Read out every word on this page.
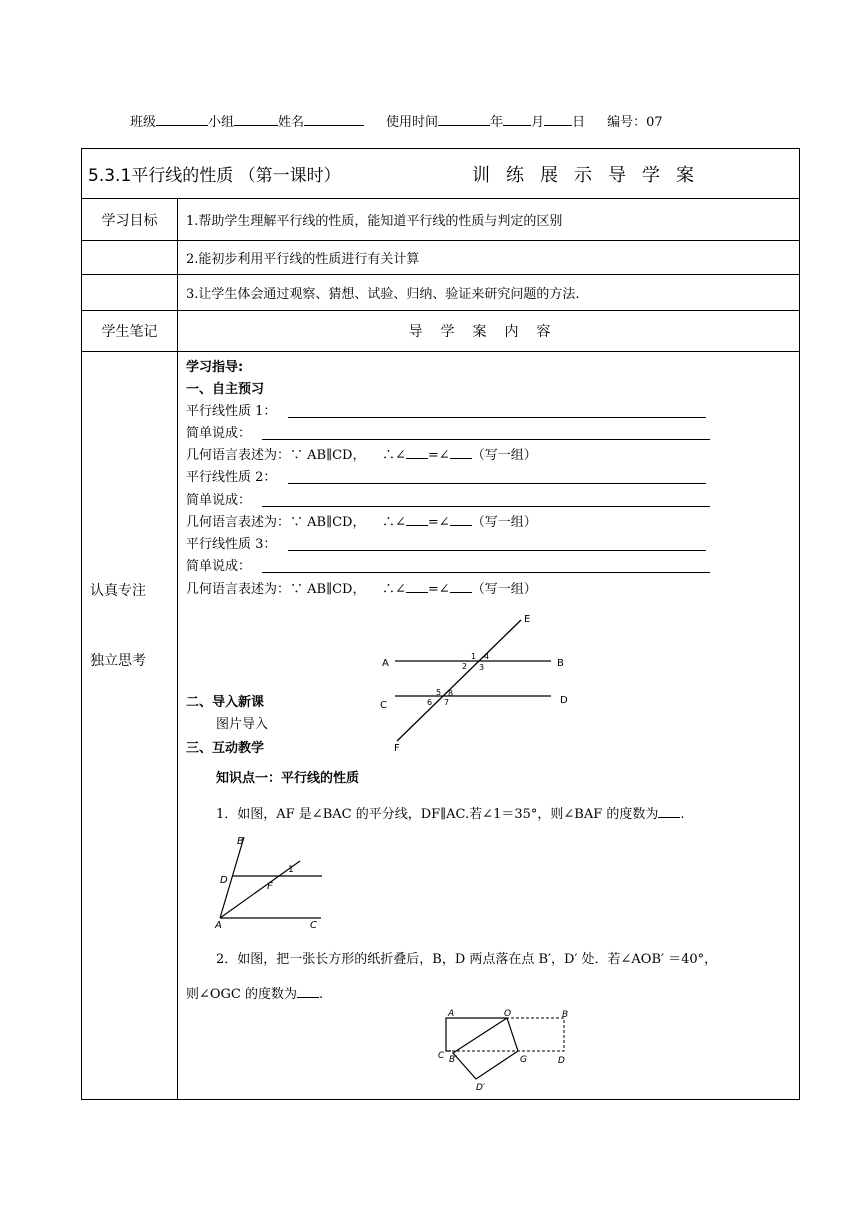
班级	小组	姓名	使用时间	年 月 日 编号：07
5.3.1平行线的性质 （第一课时）	训练展示导学案
学习目标	1.帮助学生理解平行线的性质，能知道平行线的性质与判定的区别
2.能初步利用平行线的性质进行有关计算
3.让学生体会通过观察、猜想、试验、归纳、验证来研究问题的方法.
学生笔记	导学案内容
认真专注
独立思考
学习指导:
一、自主预习
平行线性质 1：
简单说成：
几何语言表述为：∵ AB∥CD， ∴∠ =∠ （写一组）
平行线性质 2：
简单说成：
几何语言表述为：∵ AB∥CD， ∴∠ =∠ （写一组）
平行线性质 3：
简单说成：
几何语言表述为：∵ AB∥CD， ∴∠ =∠ （写一组）
A	B
C	D
E
F
1 4
2 3
5 8
6 7
二、导入新课
图片导入
三、互动教学
知识点一：平行线的性质
1．如图，AF 是∠BAC 的平分线，DF∥AC.若∠1＝35°，则∠BAF 的度数为 .
B
D
F
A	C
1
2．如图，把一张长方形的纸折叠后，B，D 两点落在点 B′，D′ 处．若∠AOB′ ＝40°，
则∠OGC 的度数为 .
A	O	B
C B′	G	D
D′
